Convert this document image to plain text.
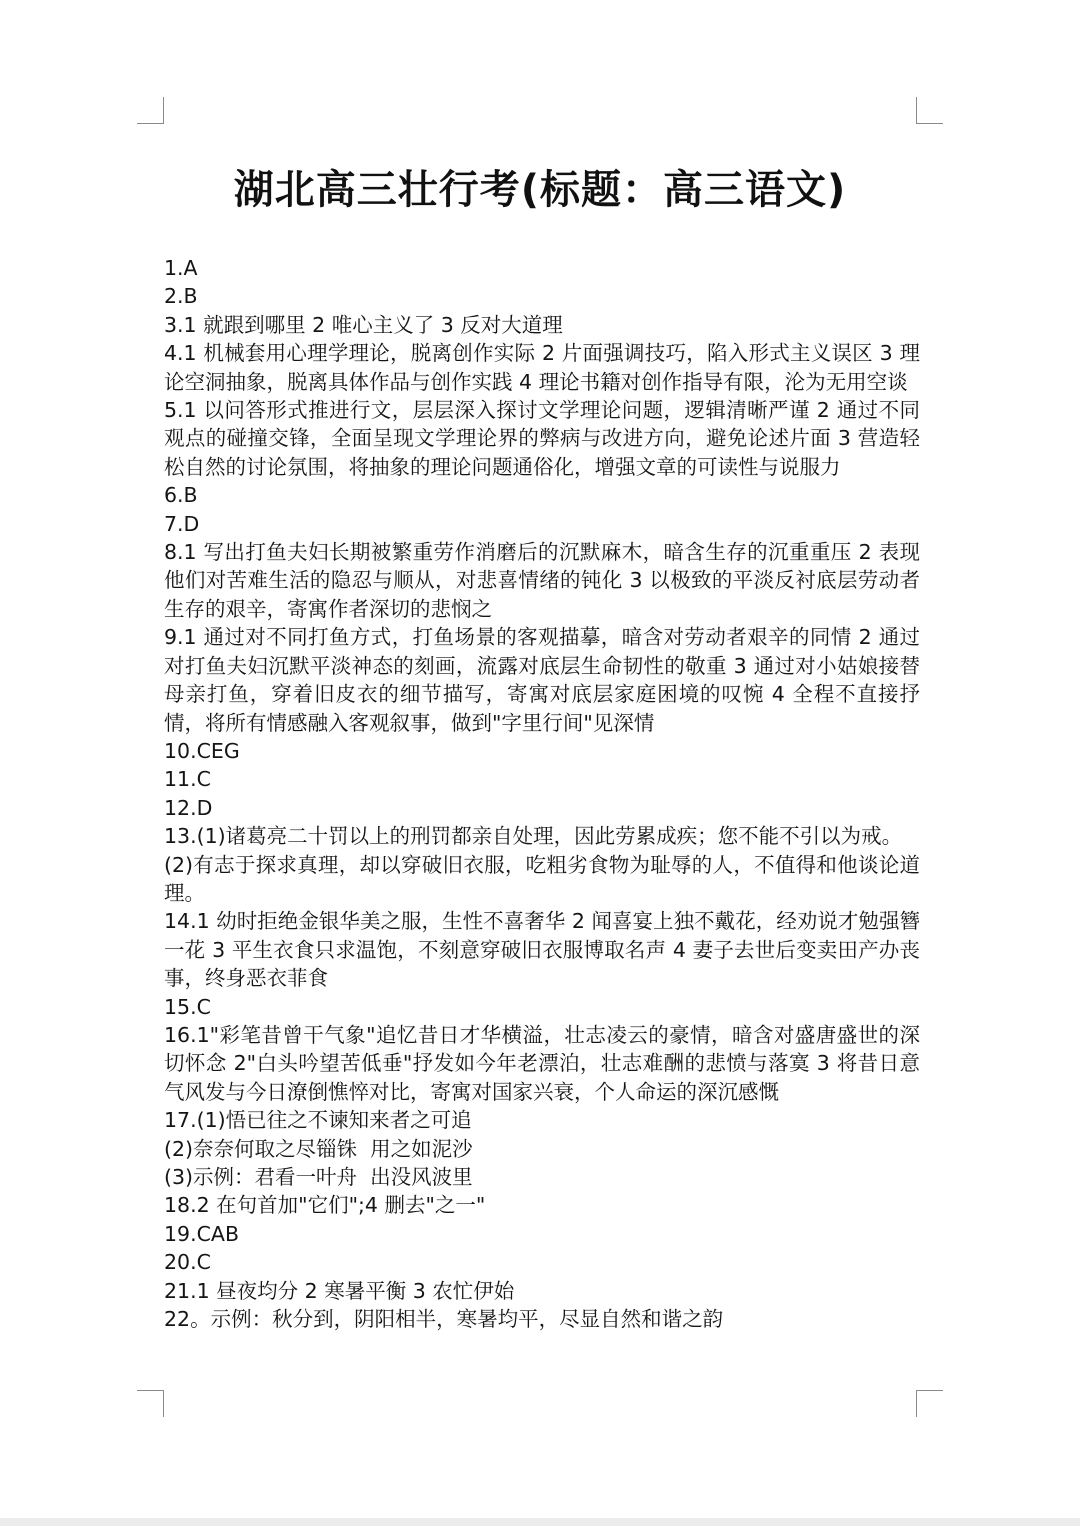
湖北高三壮行考(标题：高三语文)

1.A

2.B

3.1 就跟到哪里 2 唯心主义了 3 反对大道理

4.1 机械套用心理学理论，脱离创作实际 2 片面强调技巧，陷入形式主义误区 3 理论空洞抽象，脱离具体作品与创作实践 4 理论书籍对创作指导有限，沦为无用空谈

5.1 以问答形式推进行文，层层深入探讨文学理论问题，逻辑清晰严谨 2 通过不同观点的碰撞交锋，全面呈现文学理论界的弊病与改进方向，避免论述片面 3 营造轻松自然的讨论氛围，将抽象的理论问题通俗化，增强文章的可读性与说服力

6.B

7.D

8.1 写出打鱼夫妇长期被繁重劳作消磨后的沉默麻木，暗含生存的沉重重压 2 表现他们对苦难生活的隐忍与顺从，对悲喜情绪的钝化 3 以极致的平淡反衬底层劳动者生存的艰辛，寄寓作者深切的悲悯之

9.1 通过对不同打鱼方式，打鱼场景的客观描摹，暗含对劳动者艰辛的同情 2 通过对打鱼夫妇沉默平淡神态的刻画，流露对底层生命韧性的敬重 3 通过对小姑娘接替母亲打鱼，穿着旧皮衣的细节描写，寄寓对底层家庭困境的叹惋 4 全程不直接抒情，将所有情感融入客观叙事，做到"字里行间"见深情

10.CEG

11.C

12.D

13.(1)诸葛亮二十罚以上的刑罚都亲自处理，因此劳累成疾；您不能不引以为戒。

(2)有志于探求真理，却以穿破旧衣服，吃粗劣食物为耻辱的人，不值得和他谈论道理。

14.1 幼时拒绝金银华美之服，生性不喜奢华 2 闻喜宴上独不戴花，经劝说才勉强簪一花 3 平生衣食只求温饱，不刻意穿破旧衣服博取名声 4 妻子去世后变卖田产办丧事，终身恶衣菲食

15.C

16.1"彩笔昔曾干气象"追忆昔日才华横溢，壮志凌云的豪情，暗含对盛唐盛世的深切怀念 2"白头吟望苦低垂"抒发如今年老漂泊，壮志难酬的悲愤与落寞 3 将昔日意气风发与今日潦倒憔悴对比，寄寓对国家兴衰，个人命运的深沉感慨

17.(1)悟已往之不谏知来者之可追

(2)奈奈何取之尽锱铢  用之如泥沙

(3)示例：君看一叶舟  出没风波里

18.2 在句首加"它们";4 删去"之一"

19.CAB

20.C

21.1 昼夜均分 2 寒暑平衡 3 农忙伊始

22。示例：秋分到，阴阳相半，寒暑均平，尽显自然和谐之韵
